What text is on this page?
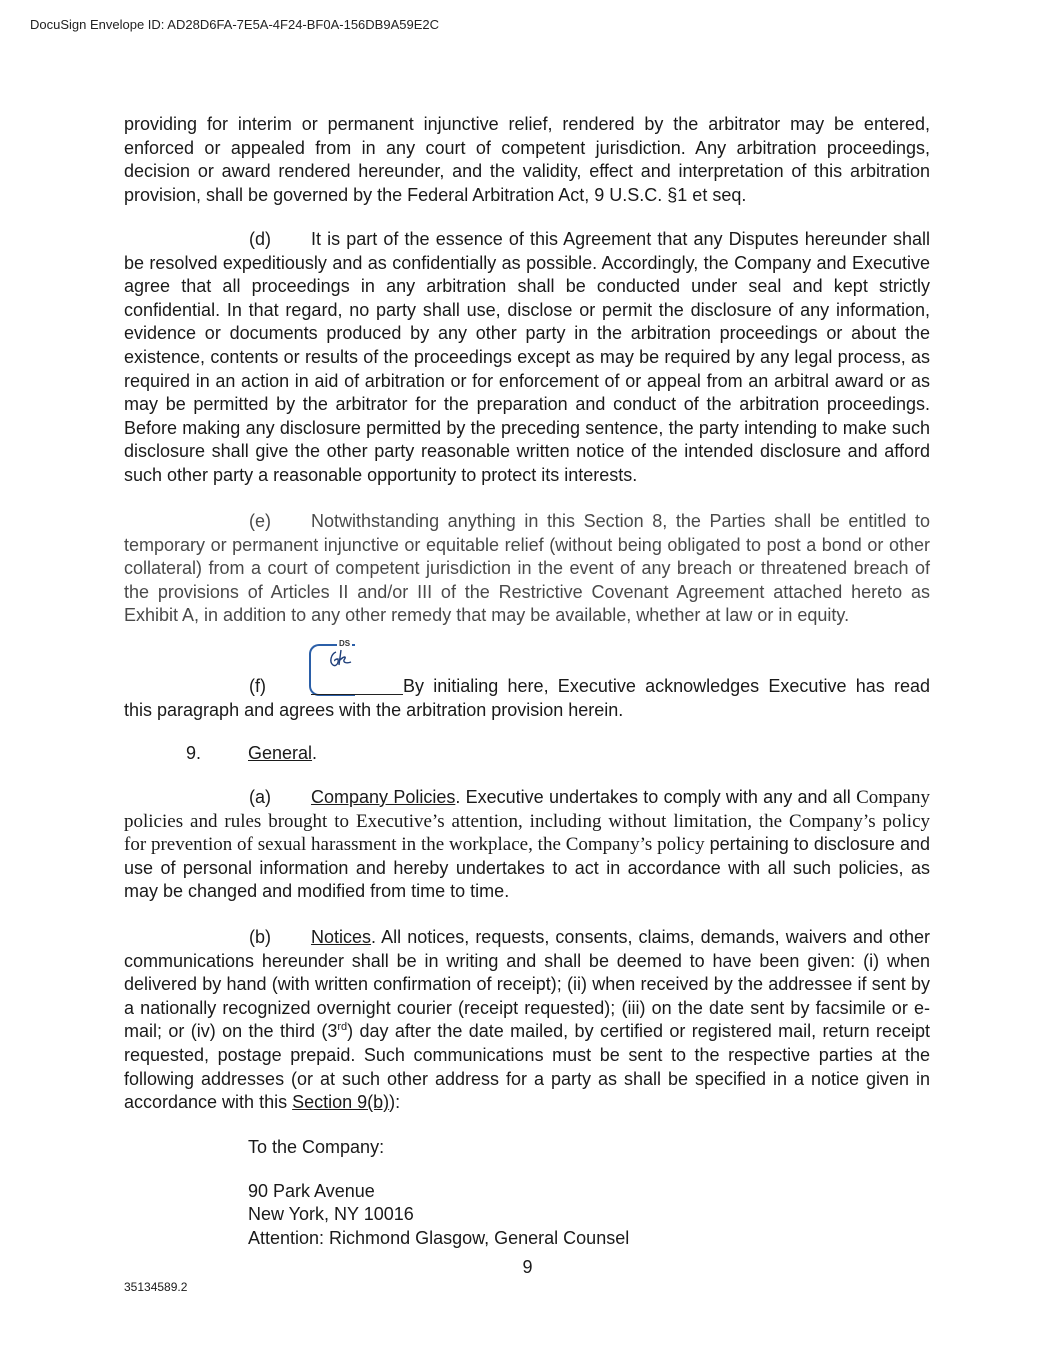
DocuSign Envelope ID: AD28D6FA-7E5A-4F24-BF0A-156DB9A59E2C

providing for interim or permanent injunctive relief, rendered by the arbitrator may be entered, enforced or appealed from in any court of competent jurisdiction. Any arbitration proceedings, decision or award rendered hereunder, and the validity, effect and interpretation of this arbitration provision, shall be governed by the Federal Arbitration Act, 9 U.S.C. §1 et seq.

(d) It is part of the essence of this Agreement that any Disputes hereunder shall be resolved expeditiously and as confidentially as possible. Accordingly, the Company and Executive agree that all proceedings in any arbitration shall be conducted under seal and kept strictly confidential. In that regard, no party shall use, disclose or permit the disclosure of any information, evidence or documents produced by any other party in the arbitration proceedings or about the existence, contents or results of the proceedings except as may be required by any legal process, as required in an action in aid of arbitration or for enforcement of or appeal from an arbitral award or as may be permitted by the arbitrator for the preparation and conduct of the arbitration proceedings. Before making any disclosure permitted by the preceding sentence, the party intending to make such disclosure shall give the other party reasonable written notice of the intended disclosure and afford such other party a reasonable opportunity to protect its interests.

(e) Notwithstanding anything in this Section 8, the Parties shall be entitled to temporary or permanent injunctive or equitable relief (without being obligated to post a bond or other collateral) from a court of competent jurisdiction in the event of any breach or threatened breach of the provisions of Articles II and/or III of the Restrictive Covenant Agreement attached hereto as Exhibit A, in addition to any other remedy that may be available, whether at law or in equity.

(f)
DS
By initialing here, Executive acknowledges Executive has read this paragraph and agrees with the arbitration provision herein.

9.	General.

(a) Company Policies. Executive undertakes to comply with any and all Company policies and rules brought to Executive’s attention, including without limitation, the Company’s policy for prevention of sexual harassment in the workplace, the Company’s policy pertaining to disclosure and use of personal information and hereby undertakes to act in accordance with all such policies, as may be changed and modified from time to time.

(b) Notices. All notices, requests, consents, claims, demands, waivers and other communications hereunder shall be in writing and shall be deemed to have been given: (i) when delivered by hand (with written confirmation of receipt); (ii) when received by the addressee if sent by a nationally recognized overnight courier (receipt requested); (iii) on the date sent by facsimile or e-mail; or (iv) on the third (3rd) day after the date mailed, by certified or registered mail, return receipt requested, postage prepaid. Such communications must be sent to the respective parties at the following addresses (or at such other address for a party as shall be specified in a notice given in accordance with this Section 9(b)):

To the Company:
90 Park Avenue
New York, NY 10016
Attention: Richmond Glasgow, General Counsel
9
35134589.2
